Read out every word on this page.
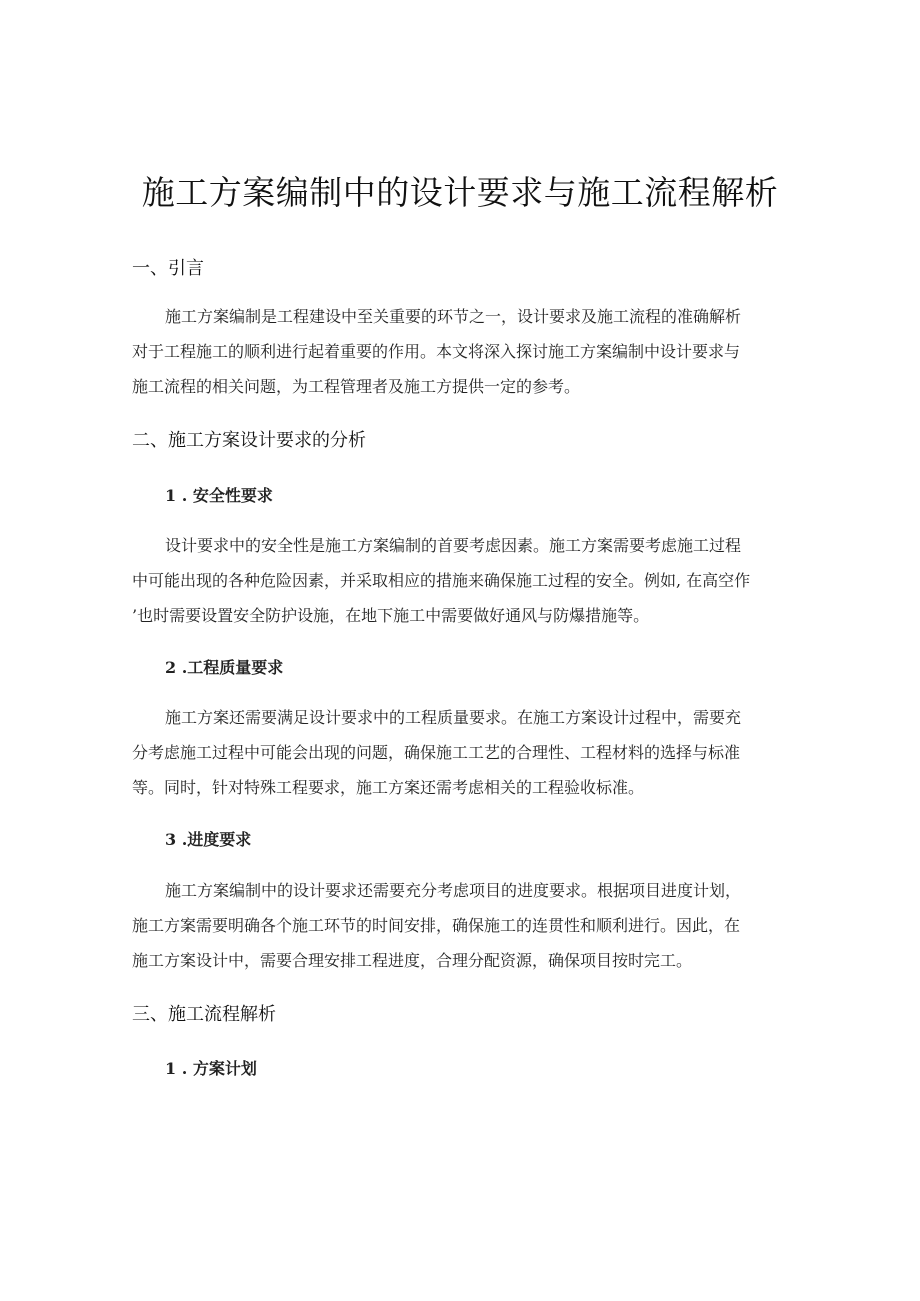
施工方案编制中的设计要求与施工流程解析
一、引言
施工方案编制是工程建设中至关重要的环节之一，设计要求及施工流程的准确解析
对于工程施工的顺利进行起着重要的作用。本文将深入探讨施工方案编制中设计要求与
施工流程的相关问题，为工程管理者及施工方提供一定的参考。
二、施工方案设计要求的分析
1 . 安全性要求
设计要求中的安全性是施工方案编制的首要考虑因素。施工方案需要考虑施工过程
中可能出现的各种危险因素，并采取相应的措施来确保施工过程的安全。例如, 在高空作
’也时需要设置安全防护设施，在地下施工中需要做好通风与防爆措施等。
2 .工程质量要求
施工方案还需要满足设计要求中的工程质量要求。在施工方案设计过程中，需要充
分考虑施工过程中可能会出现的问题，确保施工工艺的合理性、工程材料的选择与标准
等。同时，针对特殊工程要求，施工方案还需考虑相关的工程验收标准。
3 .进度要求
施工方案编制中的设计要求还需要充分考虑项目的进度要求。根据项目进度计划，
施工方案需要明确各个施工环节的时间安排，确保施工的连贯性和顺利进行。因此，在
施工方案设计中，需要合理安排工程进度，合理分配资源，确保项目按时完工。
三、施工流程解析
1 . 方案计划
